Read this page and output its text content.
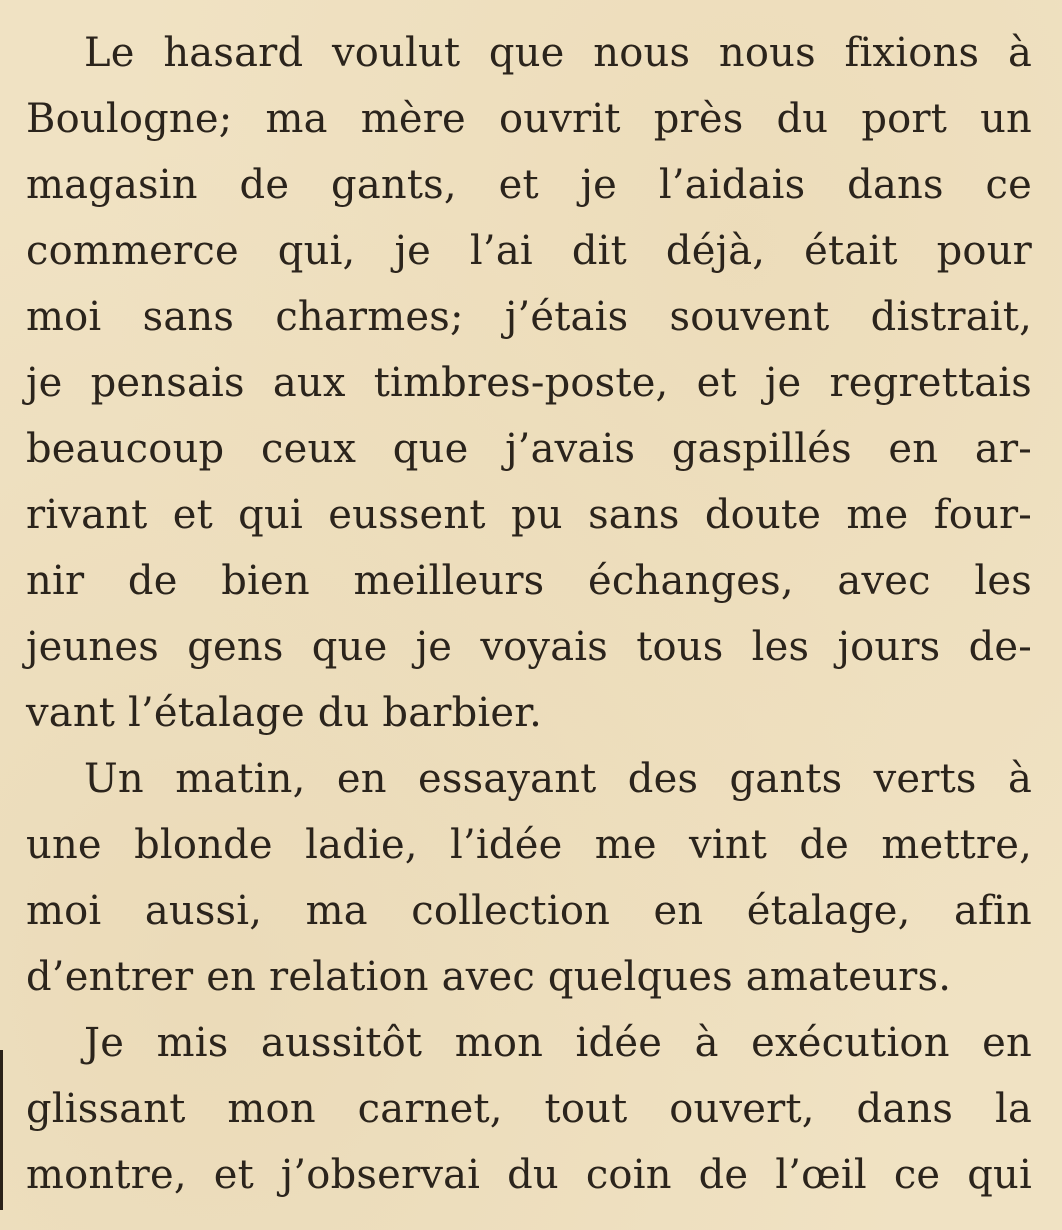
Le hasard voulut que nous nous fixions à
Boulogne; ma mère ouvrit près du port un
magasin de gants, et je l’aidais dans ce
commerce qui, je l’ai dit déjà, était pour
moi sans charmes; j’étais souvent distrait,
je pensais aux timbres-poste, et je regrettais
beaucoup ceux que j’avais gaspillés en ar-
rivant et qui eussent pu sans doute me four-
nir de bien meilleurs échanges, avec les
jeunes gens que je voyais tous les jours de-
vant l’étalage du barbier.
Un matin, en essayant des gants verts à
une blonde ladie, l’idée me vint de mettre,
moi aussi, ma collection en étalage, afin
d’entrer en relation avec quelques amateurs.
Je mis aussitôt mon idée à exécution en
glissant mon carnet, tout ouvert, dans la
montre, et j’observai du coin de l’œil ce qui
